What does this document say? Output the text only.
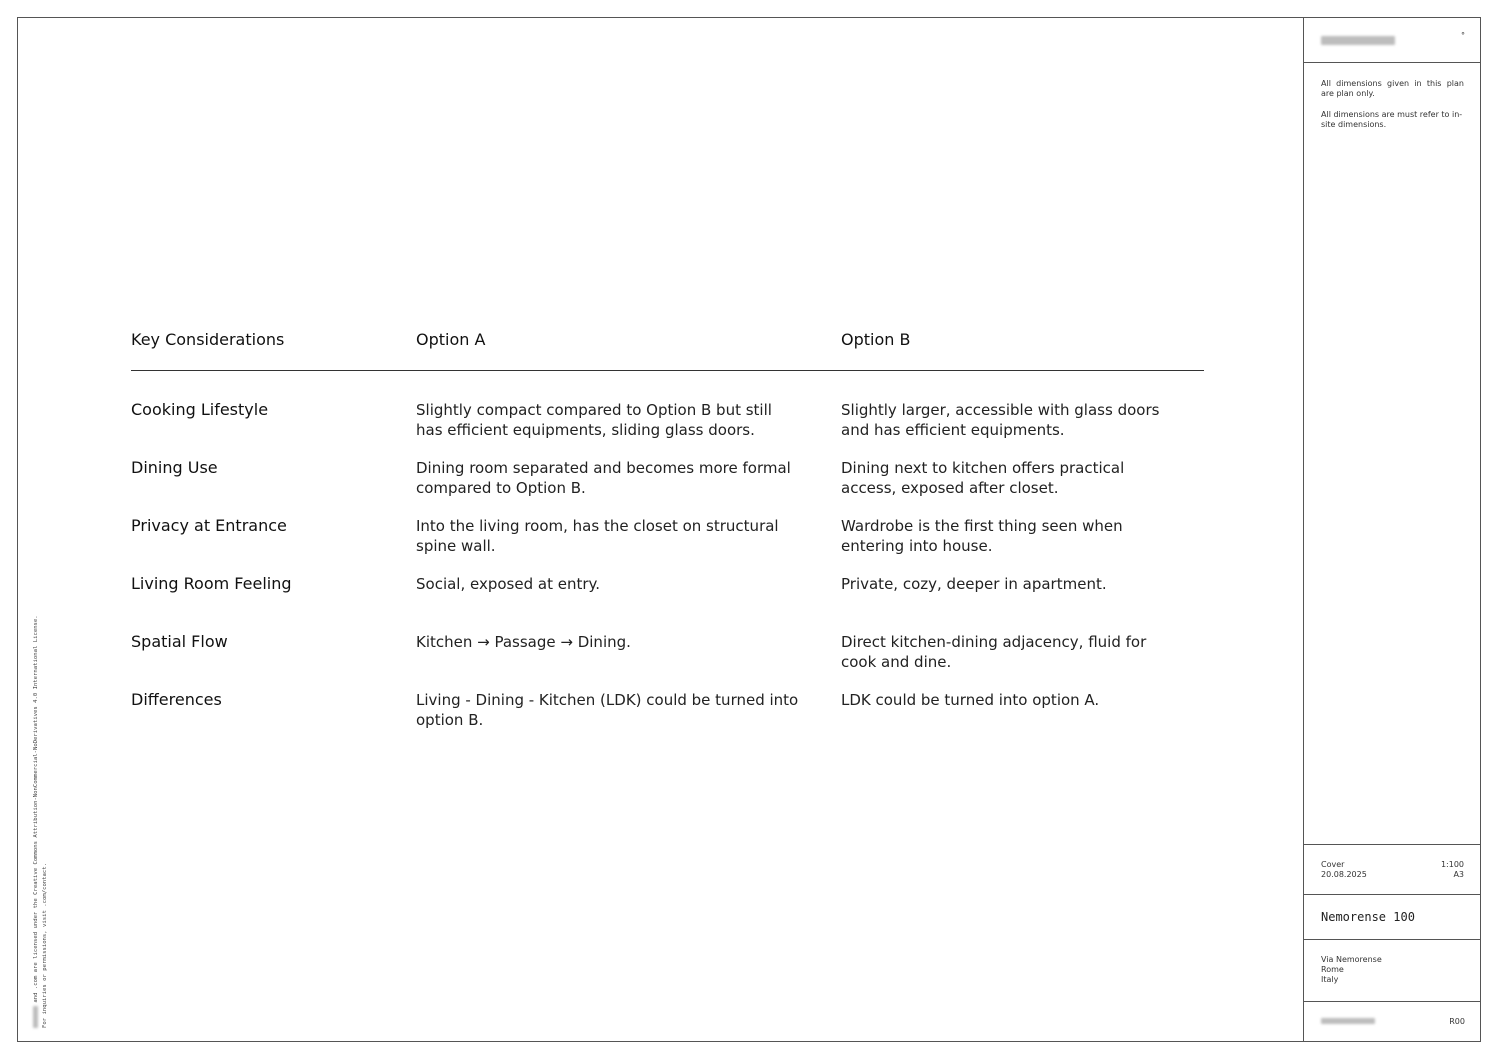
Key Considerations	Option A	Option B

Cooking Lifestyle	Slightly compact compared to Option B but still has efficient equipments, sliding glass doors.	Slightly larger, accessible with glass doors and has efficient equipments.
Dining Use	Dining room separated and becomes more formal compared to Option B.	Dining next to kitchen offers practical access, exposed after closet.
Privacy at Entrance	Into the living room, has the closet on structural spine wall.	Wardrobe is the first thing seen when entering into house.
Living Room Feeling	Social, exposed at entry.	Private, cozy, deeper in apartment.
Spatial Flow	Kitchen → Passage → Dining.	Direct kitchen-dining adjacency, fluid for cook and dine.
Differences	Living - Dining - Kitchen (LDK) could be turned into option B.	LDK could be turned into option A.
and .com are licensed under the Creative Commons Attribution-NonCommercial-NoDerivatives 4.0 International License. For inquiries or permissions, visit .com/contact.
°

All dimensions given in this plan are plan only.

All dimensions are must refer to in-site dimensions.

Cover	1:100
20.08.2025	A3
Nemorense 100
Via Nemorense
Rome
Italy
R00
